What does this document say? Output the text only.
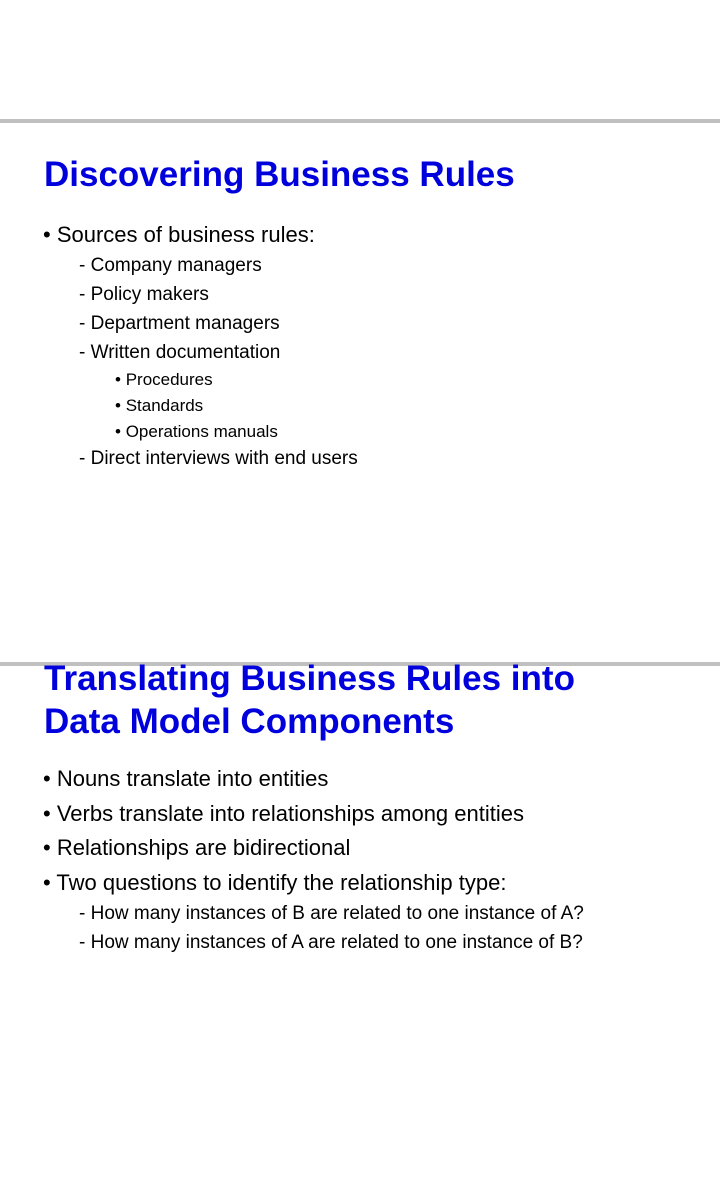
Discovering Business Rules
• Sources of business rules:
- Company managers
- Policy makers
- Department managers
- Written documentation
• Procedures
• Standards
• Operations manuals
- Direct interviews with end users
Translating Business Rules into
Data Model Components
• Nouns translate into entities
• Verbs translate into relationships among entities
• Relationships are bidirectional
• Two questions to identify the relationship type:
- How many instances of B are related to one instance of A?
- How many instances of A are related to one instance of B?
